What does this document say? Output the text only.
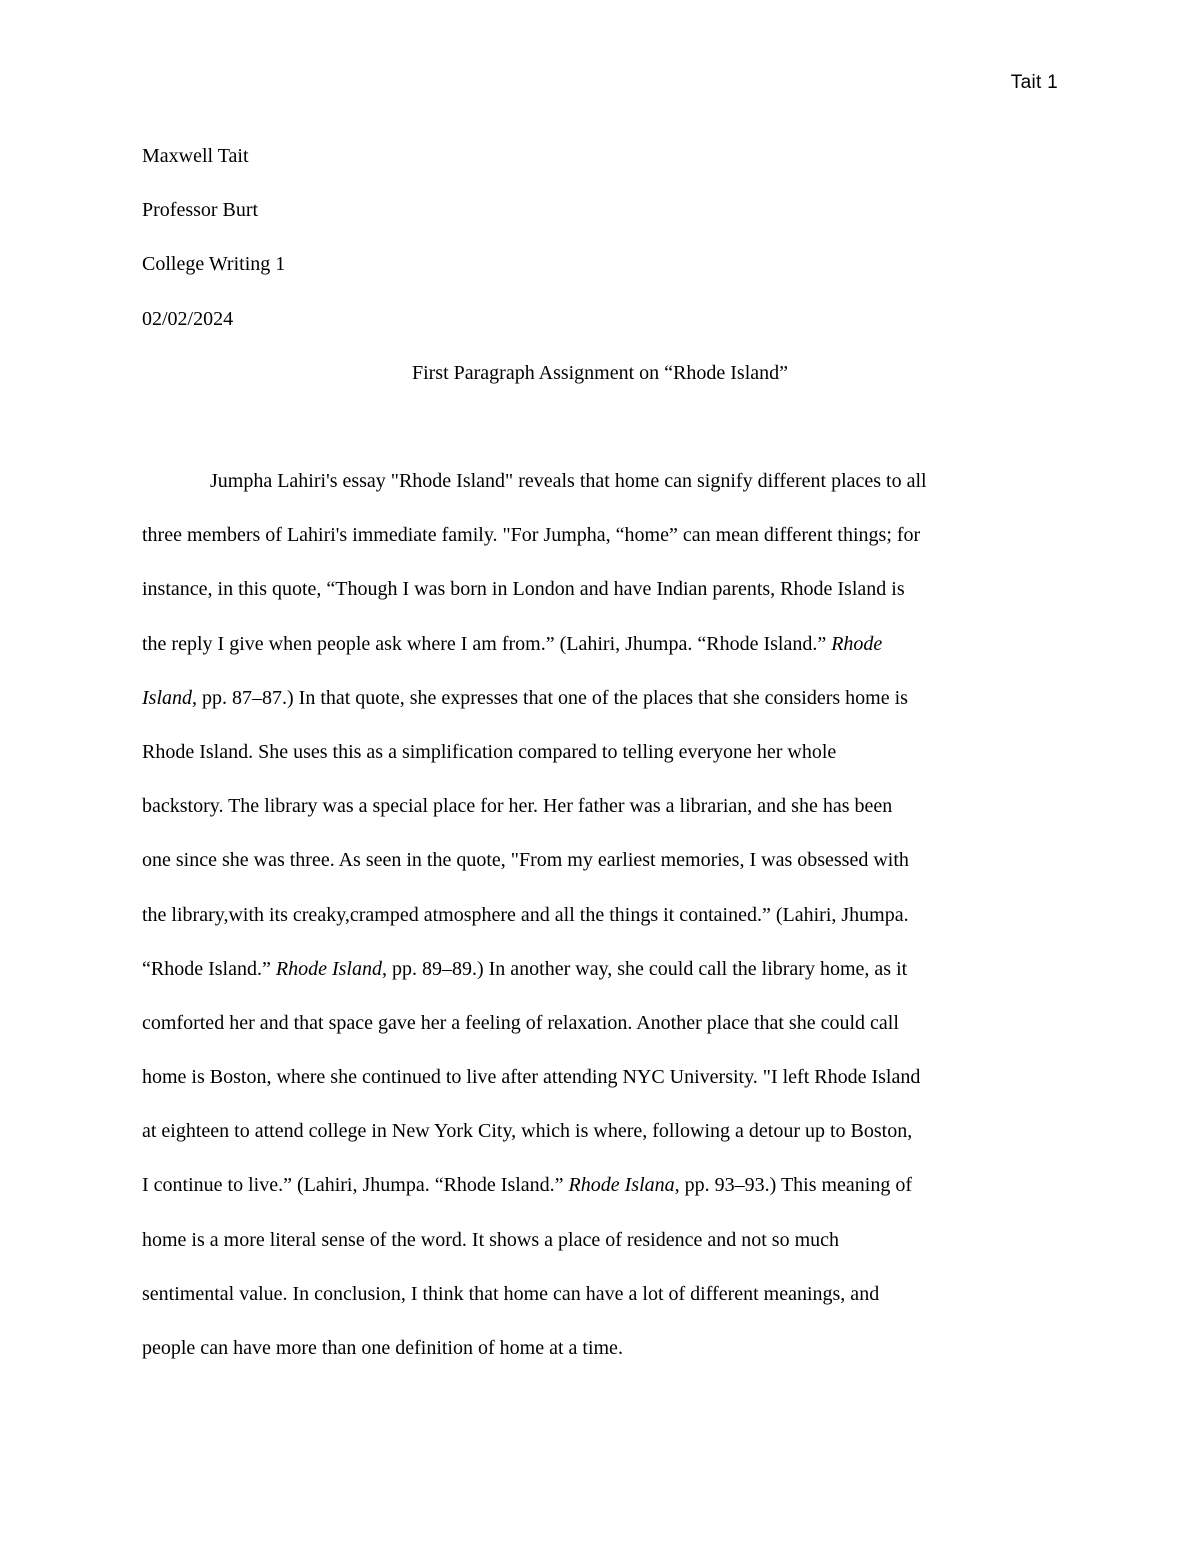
Tait 1
Maxwell Tait
Professor Burt
College Writing 1
02/02/2024
First Paragraph Assignment on “Rhode Island”
Jumpha Lahiri's essay "Rhode Island" reveals that home can signify different places to all
three members of Lahiri's immediate family. "For Jumpha, “home” can mean different things; for
instance, in this quote, “Though I was born in London and have Indian parents, Rhode Island is
the reply I give when people ask where I am from.” (Lahiri, Jhumpa. “Rhode Island.” Rhode
Island, pp. 87–87.) In that quote, she expresses that one of the places that she considers home is
Rhode Island. She uses this as a simplification compared to telling everyone her whole
backstory. The library was a special place for her. Her father was a librarian, and she has been
one since she was three. As seen in the quote, "From my earliest memories, I was obsessed with
the library,with its creaky,cramped atmosphere and all the things it contained.” (Lahiri, Jhumpa.
“Rhode Island.” Rhode Island, pp. 89–89.) In another way, she could call the library home, as it
comforted her and that space gave her a feeling of relaxation. Another place that she could call
home is Boston, where she continued to live after attending NYC University. "I left Rhode Island
at eighteen to attend college in New York City, which is where, following a detour up to Boston,
I continue to live.” (Lahiri, Jhumpa. “Rhode Island.” Rhode Islana, pp. 93–93.) This meaning of
home is a more literal sense of the word. It shows a place of residence and not so much
sentimental value. In conclusion, I think that home can have a lot of different meanings, and
people can have more than one definition of home at a time.
